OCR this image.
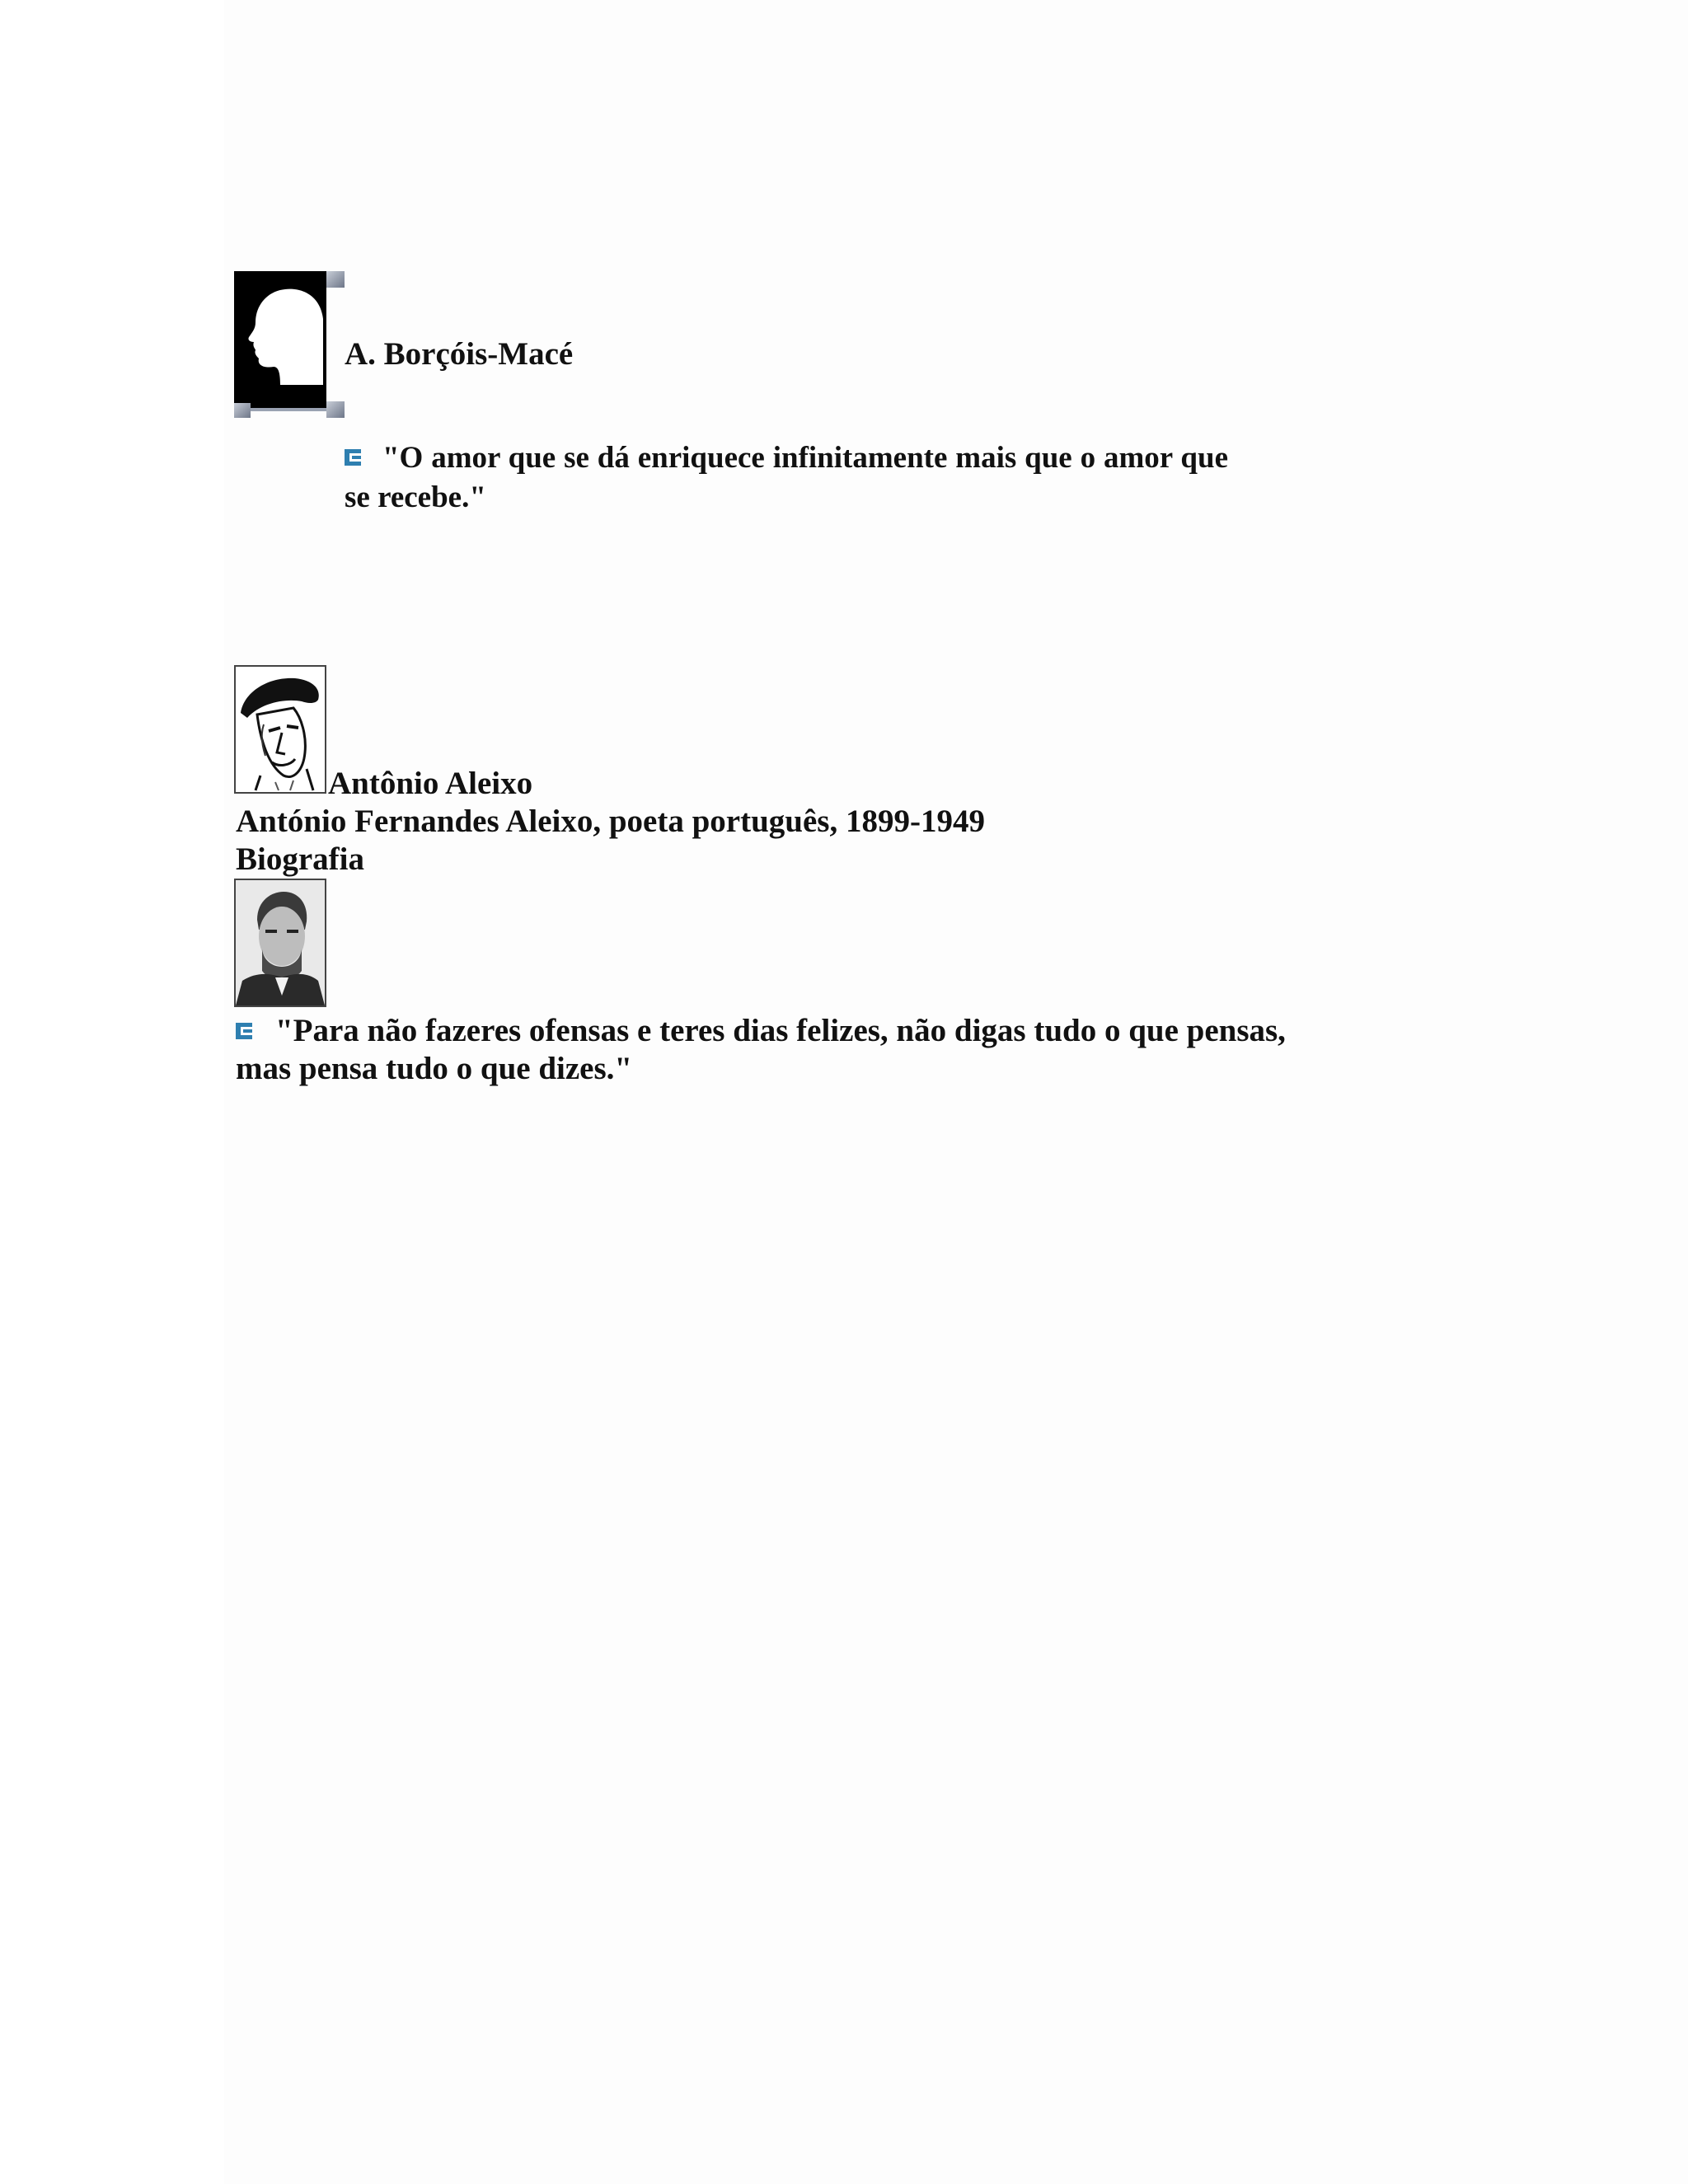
A. Borçóis-Macé
"O amor que se dá enriquece infinitamente mais que o amor que se recebe."
Antônio Aleixo
António Fernandes Aleixo, poeta português, 1899-1949
Biografia
"Para não fazeres ofensas e teres dias felizes, não digas tudo o que pensas, mas pensa tudo o que dizes."
